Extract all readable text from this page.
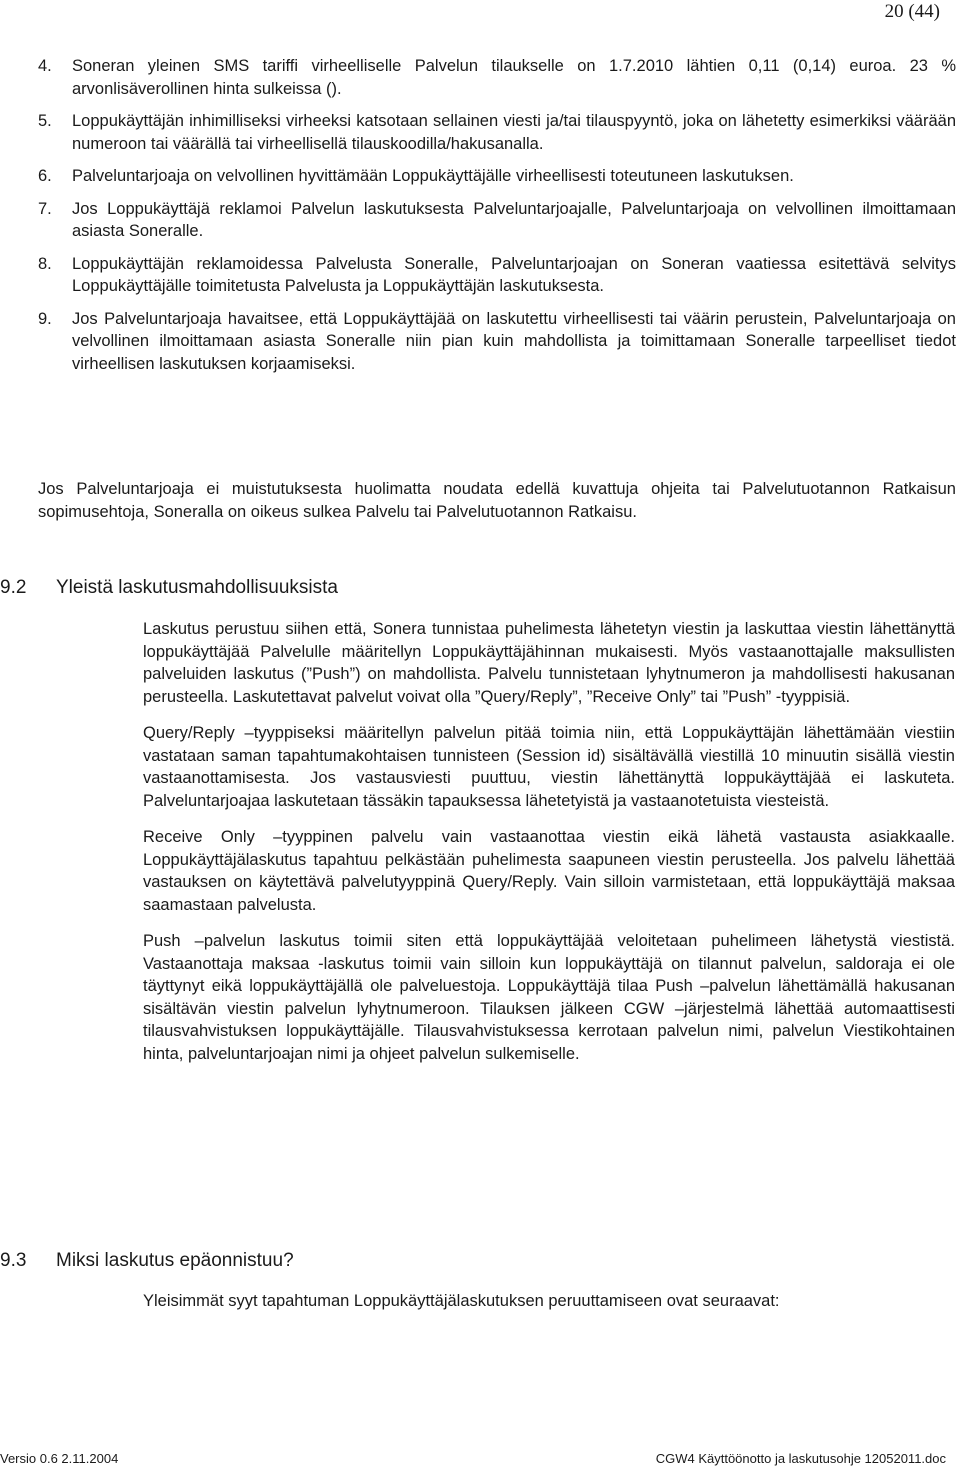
20 (44)
4. Soneran yleinen SMS tariffi virheelliselle Palvelun tilaukselle on 1.7.2010 lähtien 0,11 (0,14) euroa. 23 % arvonlisäverollinen hinta sulkeissa ().
5. Loppukäyttäjän inhimilliseksi virheeksi katsotaan sellainen viesti ja/tai tilauspyyntö, joka on lähetetty esimerkiksi väärään numeroon tai väärällä tai virheellisellä tilauskoodilla/hakusanalla.
6. Palveluntarjoaja on velvollinen hyvittämään Loppukäyttäjälle virheellisesti toteutuneen laskutuksen.
7. Jos Loppukäyttäjä reklamoi Palvelun laskutuksesta Palveluntarjoajalle, Palveluntarjoaja on velvollinen ilmoittamaan asiasta Soneralle.
8. Loppukäyttäjän reklamoidessa Palvelusta Soneralle, Palveluntarjoajan on Soneran vaatiessa esitettävä selvitys Loppukäyttäjälle toimitetusta Palvelusta ja Loppukäyttäjän laskutuksesta.
9. Jos Palveluntarjoaja havaitsee, että Loppukäyttäjää on laskutettu virheellisesti tai väärin perustein, Palveluntarjoaja on velvollinen ilmoittamaan asiasta Soneralle niin pian kuin mahdollista ja toimittamaan Soneralle tarpeelliset tiedot virheellisen laskutuksen korjaamiseksi.
Jos Palveluntarjoaja ei muistutuksesta huolimatta noudata edellä kuvattuja ohjeita tai Palvelutuotannon Ratkaisun sopimusehtoja, Soneralla on oikeus sulkea Palvelu tai Palvelutuotannon Ratkaisu.
9.2 Yleistä laskutusmahdollisuuksista

Laskutus perustuu siihen että, Sonera tunnistaa puhelimesta lähetetyn viestin ja laskuttaa viestin lähettänyttä loppukäyttäjää Palvelulle määritellyn Loppukäyttäjähinnan mukaisesti. Myös vastaanottajalle maksullisten palveluiden laskutus (”Push”) on mahdollista. Palvelu tunnistetaan lyhytnumeron ja mahdollisesti hakusanan perusteella. Laskutettavat palvelut voivat olla ”Query/Reply”, ”Receive Only” tai ”Push” -tyyppisiä.

Query/Reply –tyyppiseksi määritellyn palvelun pitää toimia niin, että Loppukäyttäjän lähettämään viestiin vastataan saman tapahtumakohtaisen tunnisteen (Session id) sisältävällä viestillä 10 minuutin sisällä viestin vastaanottamisesta. Jos vastausviesti puuttuu, viestin lähettänyttä loppukäyttäjää ei laskuteta. Palveluntarjoajaa laskutetaan tässäkin tapauksessa lähetetyistä ja vastaanotetuista viesteistä.

Receive Only –tyyppinen palvelu vain vastaanottaa viestin eikä lähetä vastausta asiakkaalle. Loppukäyttäjälaskutus tapahtuu pelkästään puhelimesta saapuneen viestin perusteella. Jos palvelu lähettää vastauksen on käytettävä palvelutyyppinä Query/Reply. Vain silloin varmistetaan, että loppukäyttäjä maksaa saamastaan palvelusta.

Push –palvelun laskutus toimii siten että loppukäyttäjää veloitetaan puhelimeen lähetystä viestistä. Vastaanottaja maksaa -laskutus toimii vain silloin kun loppukäyttäjä on tilannut palvelun, saldoraja ei ole täyttynyt eikä loppukäyttäjällä ole palveluestoja. Loppukäyttäjä tilaa Push –palvelun lähettämällä hakusanan sisältävän viestin palvelun lyhytnumeroon. Tilauksen jälkeen CGW –järjestelmä lähettää automaattisesti tilausvahvistuksen loppukäyttäjälle. Tilausvahvistuksessa kerrotaan palvelun nimi, palvelun Viestikohtainen hinta, palveluntarjoajan nimi ja ohjeet palvelun sulkemiselle.

9.3 Miksi laskutus epäonnistuu?

Yleisimmät syyt tapahtuman Loppukäyttäjälaskutuksen peruuttamiseen ovat seuraavat:

Versio 0.6 2.11.2004	CGW4 Käyttöönotto ja laskutusohje 12052011.doc
